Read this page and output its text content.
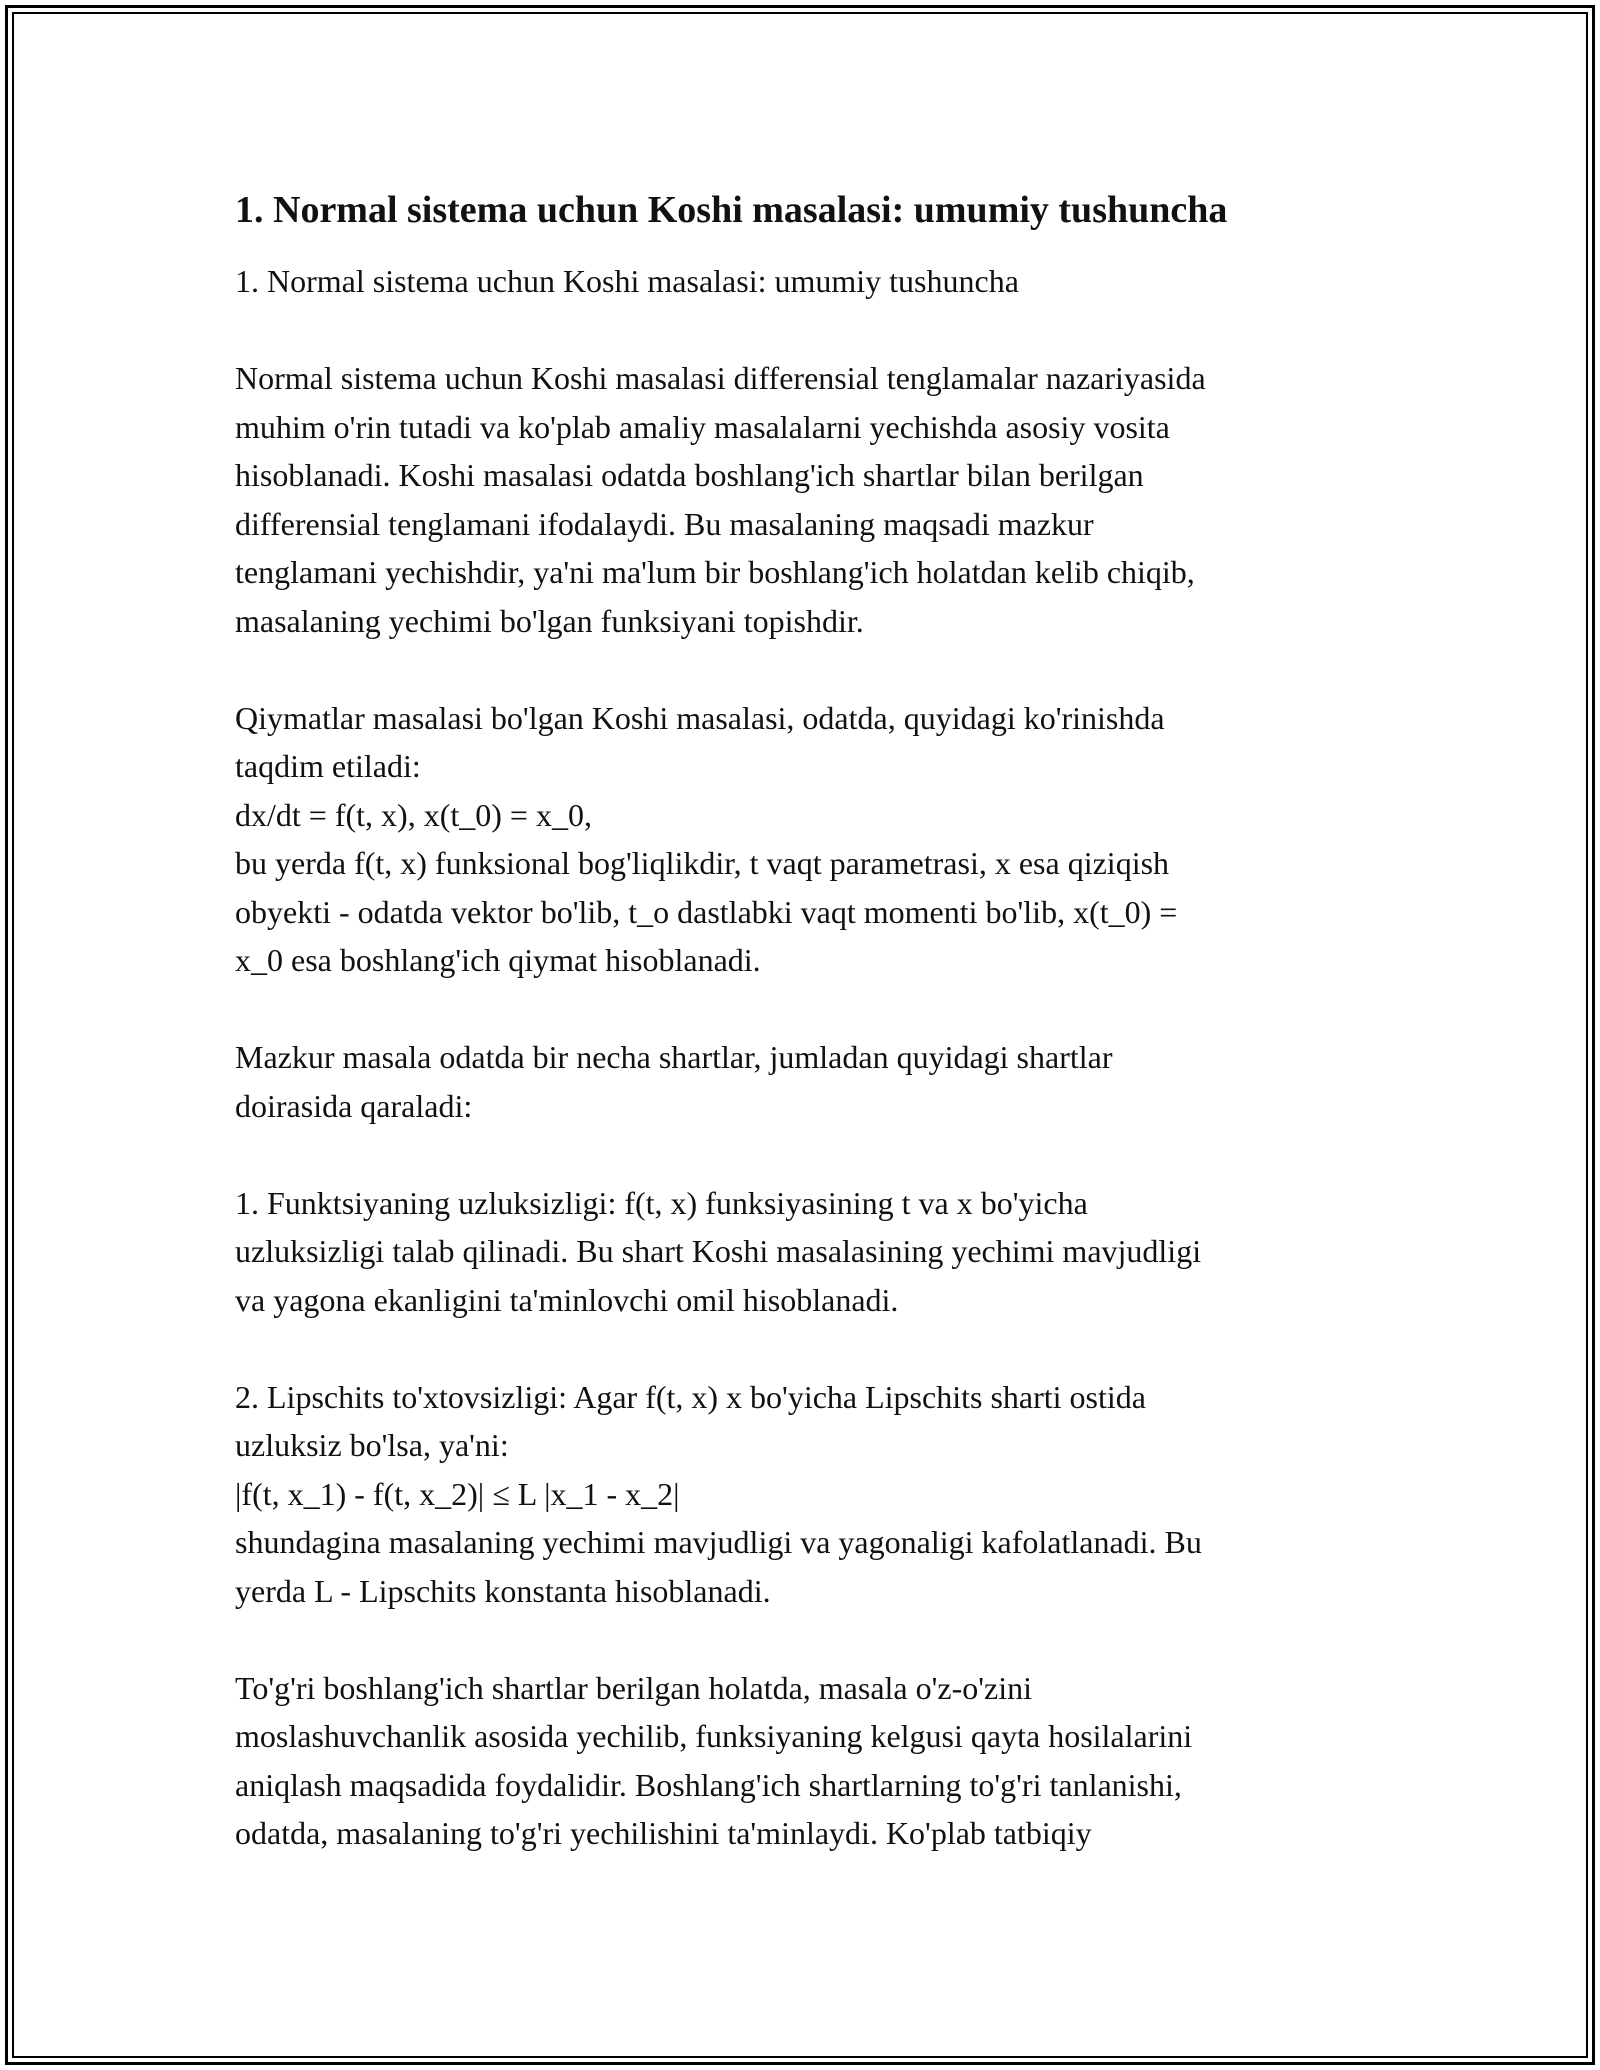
1. Normal sistema uchun Koshi masalasi: umumiy tushuncha

1. Normal sistema uchun Koshi masalasi: umumiy tushuncha

Normal sistema uchun Koshi masalasi differensial tenglamalar nazariyasida
muhim o'rin tutadi va ko'plab amaliy masalalarni yechishda asosiy vosita
hisoblanadi. Koshi masalasi odatda boshlang'ich shartlar bilan berilgan
differensial tenglamani ifodalaydi. Bu masalaning maqsadi mazkur
tenglamani yechishdir, ya'ni ma'lum bir boshlang'ich holatdan kelib chiqib,
masalaning yechimi bo'lgan funksiyani topishdir.

Qiymatlar masalasi bo'lgan Koshi masalasi, odatda, quyidagi ko'rinishda
taqdim etiladi:
dx/dt = f(t, x), x(t_0) = x_0,
bu yerda f(t, x) funksional bog'liqlikdir, t vaqt parametrasi, x esa qiziqish
obyekti - odatda vektor bo'lib, t_o dastlabki vaqt momenti bo'lib, x(t_0) =
x_0 esa boshlang'ich qiymat hisoblanadi.

Mazkur masala odatda bir necha shartlar, jumladan quyidagi shartlar
doirasida qaraladi:

1. Funktsiyaning uzluksizligi: f(t, x) funksiyasining t va x bo'yicha
uzluksizligi talab qilinadi. Bu shart Koshi masalasining yechimi mavjudligi
va yagona ekanligini ta'minlovchi omil hisoblanadi.

2. Lipschits to'xtovsizligi: Agar f(t, x) x bo'yicha Lipschits sharti ostida
uzluksiz bo'lsa, ya'ni:
|f(t, x_1) - f(t, x_2)| ≤ L |x_1 - x_2|
shundagina masalaning yechimi mavjudligi va yagonaligi kafolatlanadi. Bu
yerda L - Lipschits konstanta hisoblanadi.

To'g'ri boshlang'ich shartlar berilgan holatda, masala o'z-o'zini
moslashuvchanlik asosida yechilib, funksiyaning kelgusi qayta hosilalarini
aniqlash maqsadida foydalidir. Boshlang'ich shartlarning to'g'ri tanlanishi,
odatda, masalaning to'g'ri yechilishini ta'minlaydi. Ko'plab tatbiqiy
